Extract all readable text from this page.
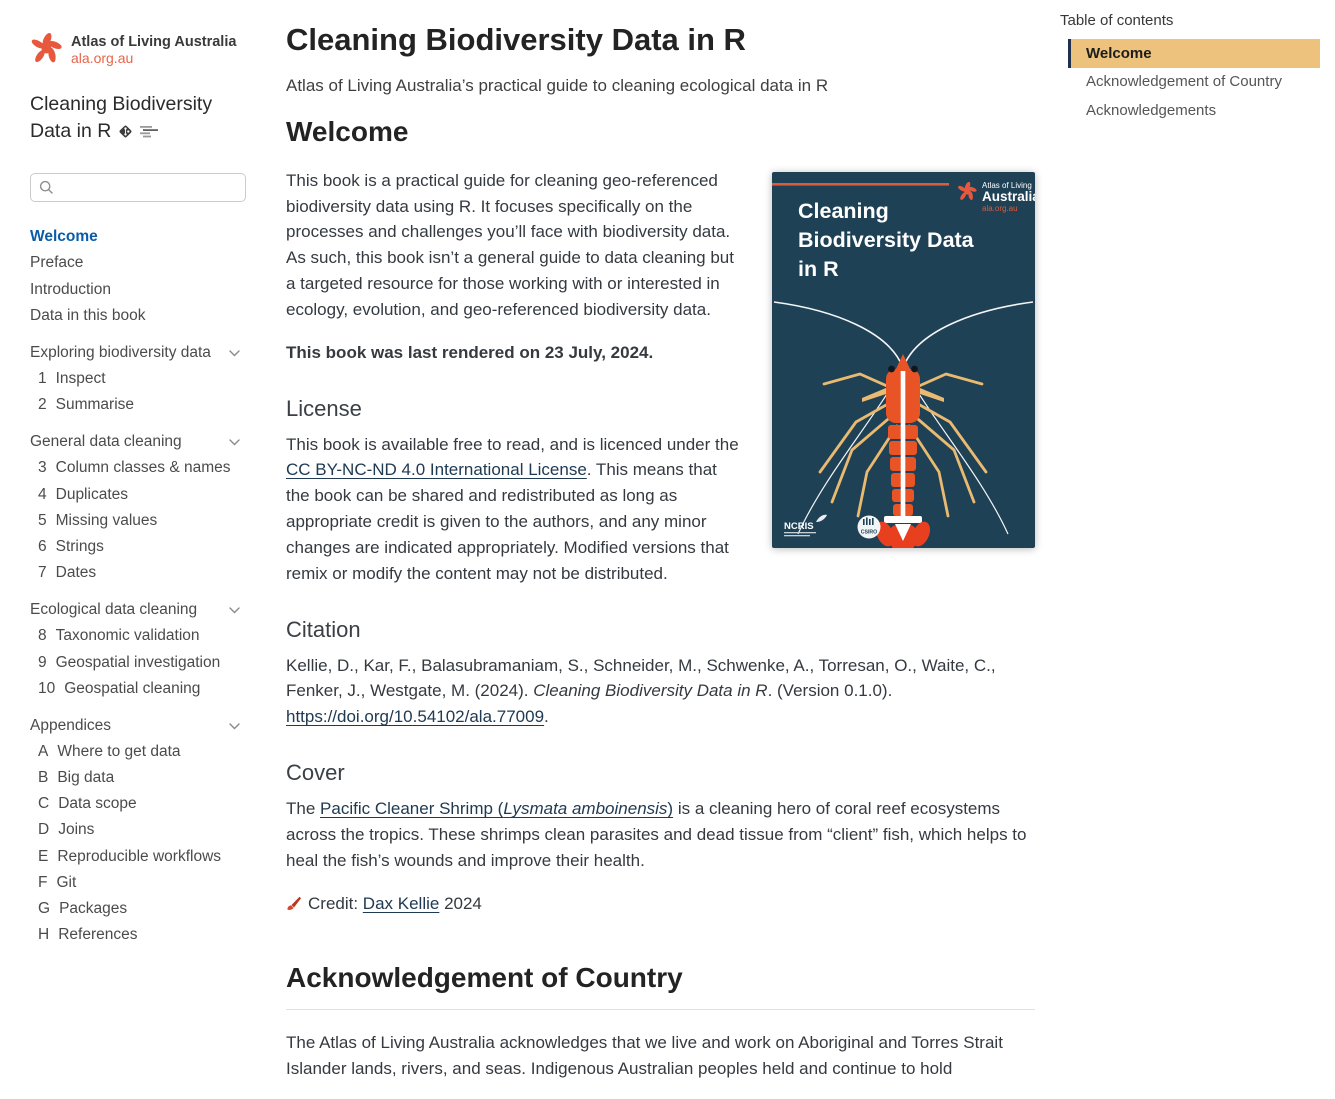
Atlas of Living Australia
ala.org.au
Cleaning Biodiversity Data in R
Welcome
Preface
Introduction
Data in this book
Exploring biodiversity data
1 Inspect
2 Summarise
General data cleaning
3 Column classes & names
4 Duplicates
5 Missing values
6 Strings
7 Dates
Ecological data cleaning
8 Taxonomic validation
9 Geospatial investigation
10 Geospatial cleaning
Appendices
A Where to get data
B Big data
C Data scope
D Joins
E Reproducible workflows
F Git
G Packages
H References
Cleaning Biodiversity Data in R

Atlas of Living Australia’s practical guide to cleaning ecological data in R

Welcome
Atlas of Living
Australia
ala.org.au
Cleaning
Biodiversity Data
in R
NCRIS
CSIRO

This book is a practical guide for cleaning geo-referenced biodiversity data using R. It focuses specifically on the processes and challenges you’ll face with biodiversity data. As such, this book isn’t a general guide to data cleaning but a targeted resource for those working with or interested in ecology, evolution, and geo-referenced biodiversity data.

This book was last rendered on 23 July, 2024.

License

This book is available free to read, and is licenced under the CC BY-NC-ND 4.0 International License. This means that the book can be shared and redistributed as long as appropriate credit is given to the authors, and any minor changes are indicated appropriately. Modified versions that remix or modify the content may not be distributed.

Citation

Kellie, D., Kar, F., Balasubramaniam, S., Schneider, M., Schwenke, A., Torresan, O., Waite, C., Fenker, J., Westgate, M. (2024). Cleaning Biodiversity Data in R. (Version 0.1.0). https://doi.org/10.54102/ala.77009.

Cover

The Pacific Cleaner Shrimp (Lysmata amboinensis) is a cleaning hero of coral reef ecosystems across the tropics. These shrimps clean parasites and dead tissue from “client” fish, which helps to heal the fish’s wounds and improve their health.

Credit: Dax Kellie 2024

Acknowledgement of Country

The Atlas of Living Australia acknowledges that we live and work on Aboriginal and Torres Strait Islander lands, rivers, and seas. Indigenous Australian peoples held and continue to hold

Table of contents
Welcome
Acknowledgement of Country
Acknowledgements
